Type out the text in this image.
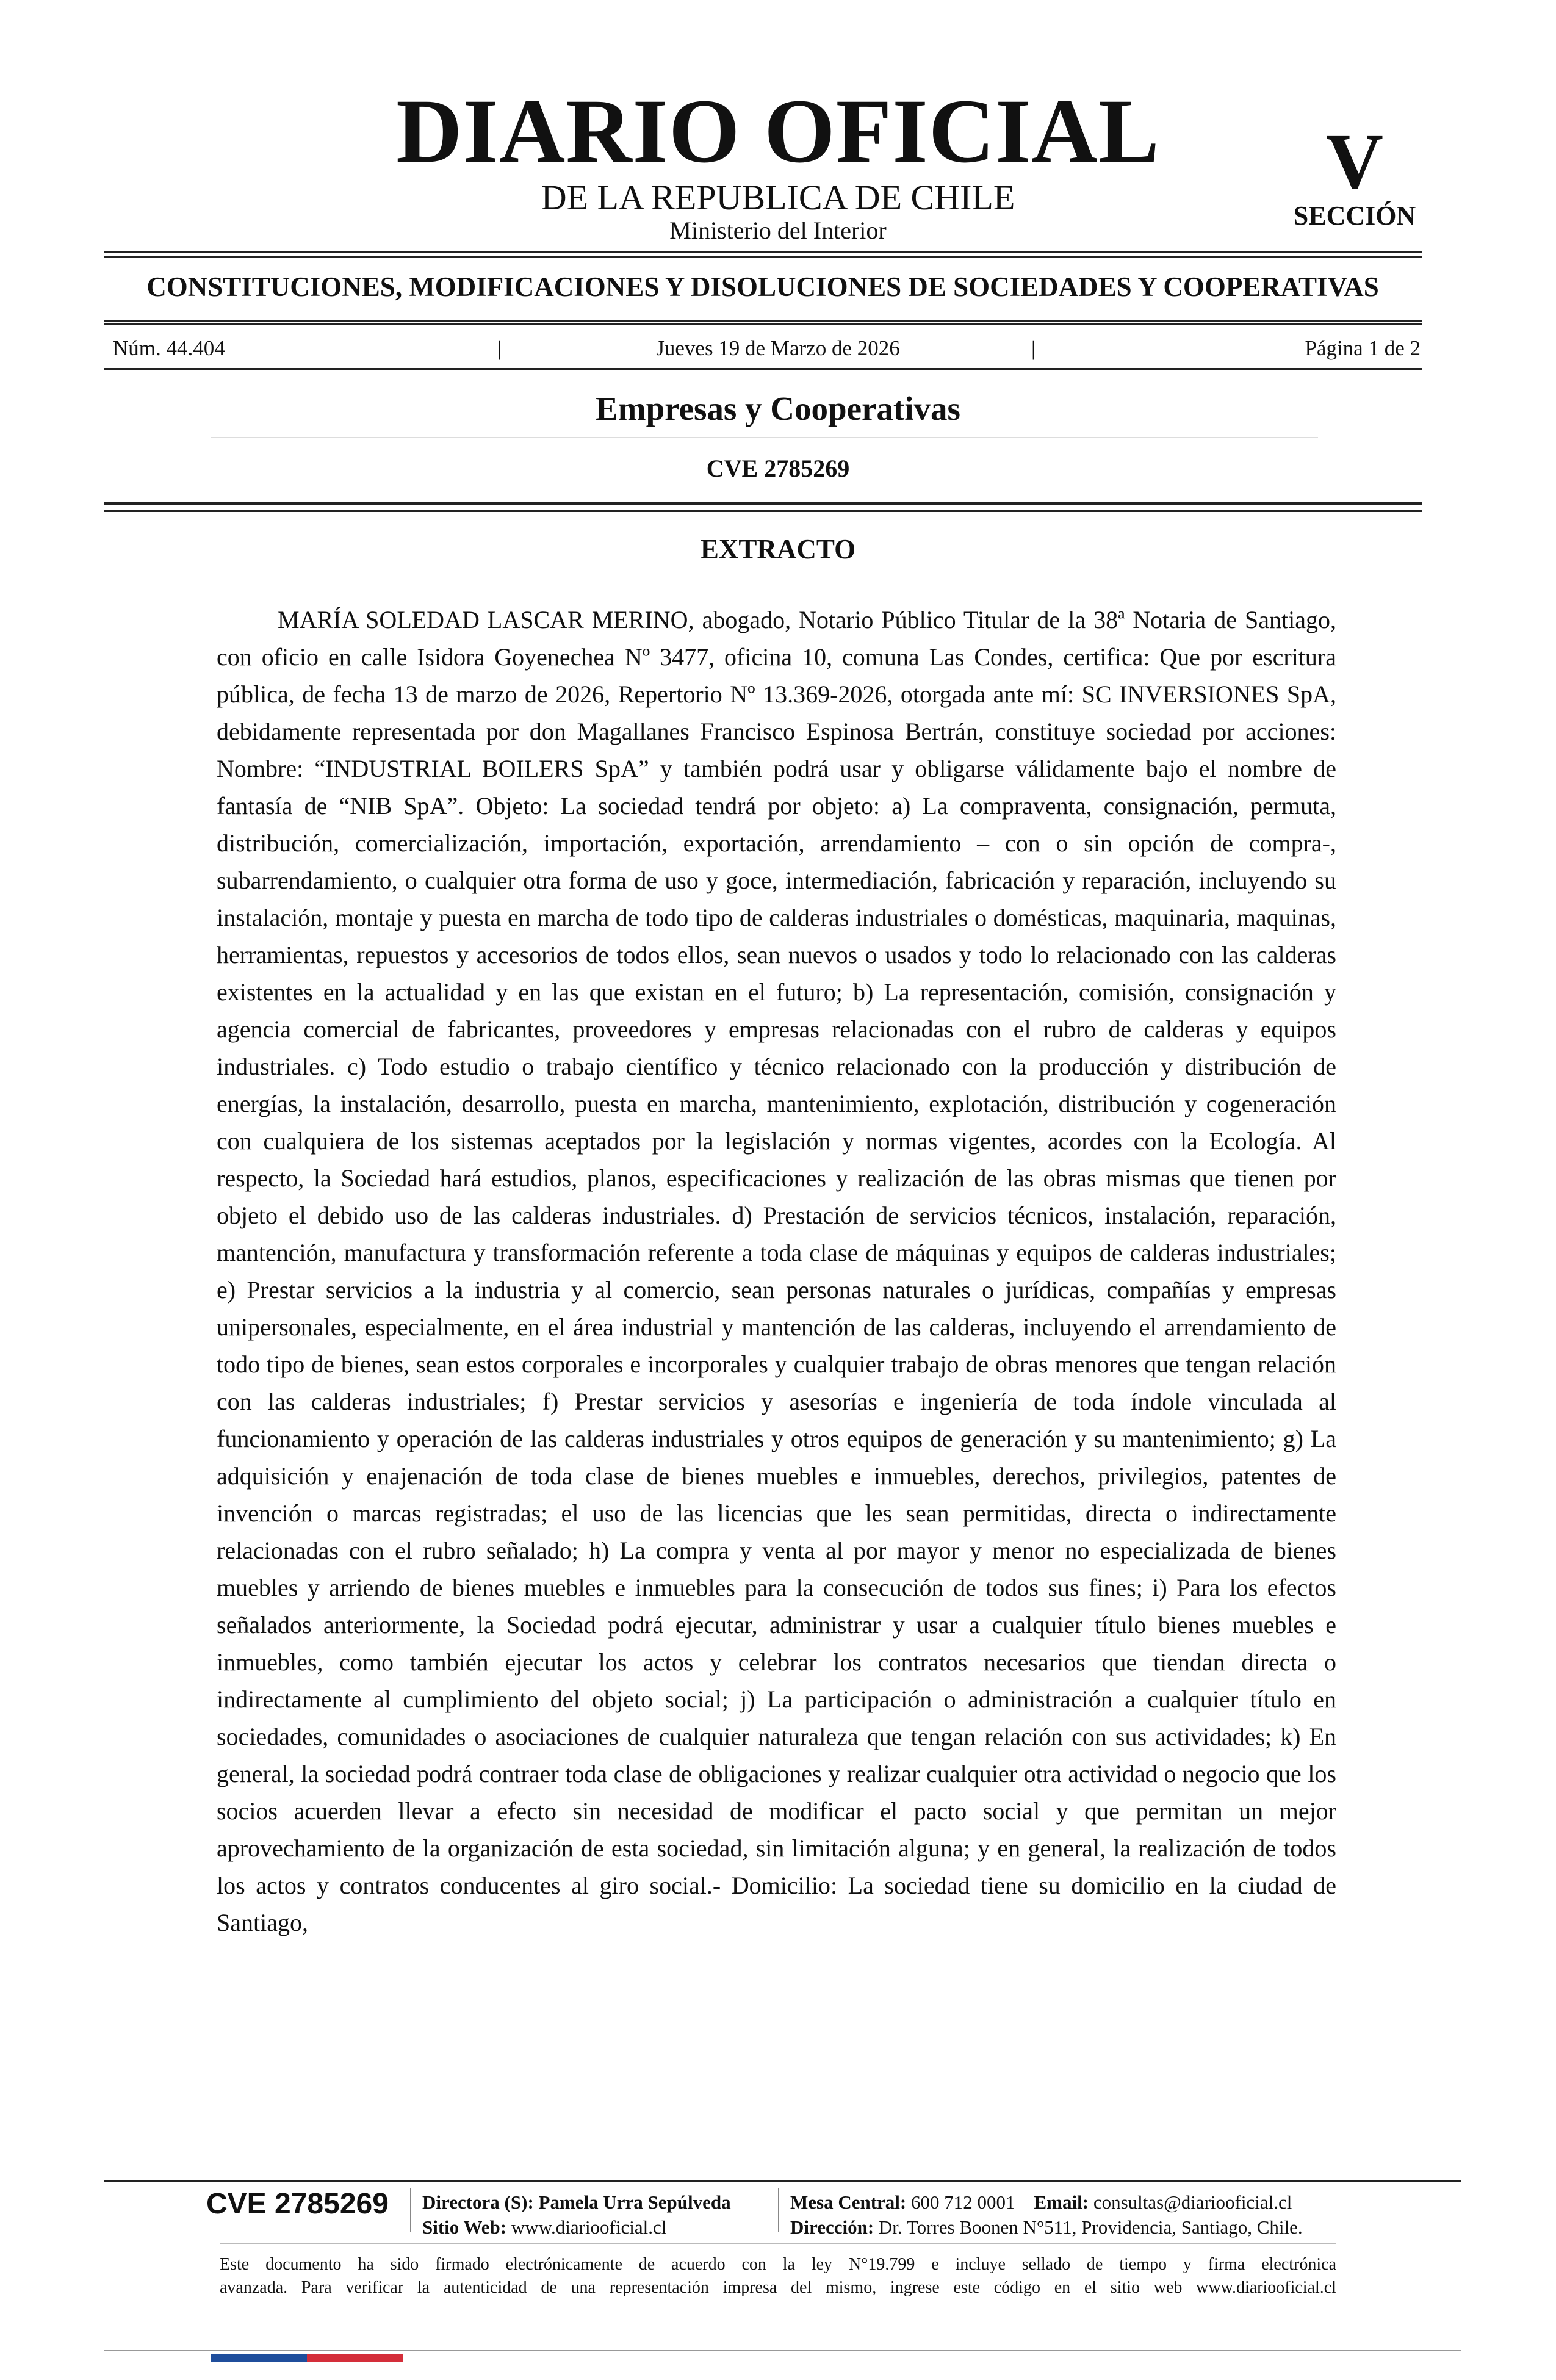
DIARIO OFICIAL
DE LA REPUBLICA DE CHILE
Ministerio del Interior
V
SECCIÓN
CONSTITUCIONES, MODIFICACIONES Y DISOLUCIONES DE SOCIEDADES Y COOPERATIVAS
Núm. 44.404	|	Jueves 19 de Marzo de 2026	|	Página 1 de 2
Empresas y Cooperativas
CVE 2785269
EXTRACTO

MARÍA SOLEDAD LASCAR MERINO, abogado, Notario Público Titular de la 38ª Notaria de Santiago, con oficio en calle Isidora Goyenechea Nº 3477, oficina 10, comuna Las Condes, certifica: Que por escritura pública, de fecha 13 de marzo de 2026, Repertorio Nº 13.369-2026, otorgada ante mí: SC INVERSIONES SpA, debidamente representada por don Magallanes Francisco Espinosa Bertrán, constituye sociedad por acciones: Nombre: “INDUSTRIAL BOILERS SpA” y también podrá usar y obligarse válidamente bajo el nombre de fantasía de “NIB SpA”. Objeto: La sociedad tendrá por objeto: a) La compraventa, consignación, permuta, distribución, comercialización, importación, exportación, arrendamiento – con o sin opción de compra-, subarrendamiento, o cualquier otra forma de uso y goce, intermediación, fabricación y reparación, incluyendo su instalación, montaje y puesta en marcha de todo tipo de calderas industriales o domésticas, maquinaria, maquinas, herramientas, repuestos y accesorios de todos ellos, sean nuevos o usados y todo lo relacionado con las calderas existentes en la actualidad y en las que existan en el futuro; b) La representación, comisión, consignación y agencia comercial de fabricantes, proveedores y empresas relacionadas con el rubro de calderas y equipos industriales. c) Todo estudio o trabajo científico y técnico relacionado con la producción y distribución de energías, la instalación, desarrollo, puesta en marcha, mantenimiento, explotación, distribución y cogeneración con cualquiera de los sistemas aceptados por la legislación y normas vigentes, acordes con la Ecología. Al respecto, la Sociedad hará estudios, planos, especificaciones y realización de las obras mismas que tienen por objeto el debido uso de las calderas industriales. d) Prestación de servicios técnicos, instalación, reparación, mantención, manufactura y transformación referente a toda clase de máquinas y equipos de calderas industriales; e) Prestar servicios a la industria y al comercio, sean personas naturales o jurídicas, compañías y empresas unipersonales, especialmente, en el área industrial y mantención de las calderas, incluyendo el arrendamiento de todo tipo de bienes, sean estos corporales e incorporales y cualquier trabajo de obras menores que tengan relación con las calderas industriales; f) Prestar servicios y asesorías e ingeniería de toda índole vinculada al funcionamiento y operación de las calderas industriales y otros equipos de generación y su mantenimiento; g) La adquisición y enajenación de toda clase de bienes muebles e inmuebles, derechos, privilegios, patentes de invención o marcas registradas; el uso de las licencias que les sean permitidas, directa o indirectamente relacionadas con el rubro señalado; h) La compra y venta al por mayor y menor no especializada de bienes muebles y arriendo de bienes muebles e inmuebles para la consecución de todos sus fines; i) Para los efectos señalados anteriormente, la Sociedad podrá ejecutar, administrar y usar a cualquier título bienes muebles e inmuebles, como también ejecutar los actos y celebrar los contratos necesarios que tiendan directa o indirectamente al cumplimiento del objeto social; j) La participación o administración a cualquier título en sociedades, comunidades o asociaciones de cualquier naturaleza que tengan relación con sus actividades; k) En general, la sociedad podrá contraer toda clase de obligaciones y realizar cualquier otra actividad o negocio que los socios acuerden llevar a efecto sin necesidad de modificar el pacto social y que permitan un mejor aprovechamiento de la organización de esta sociedad, sin limitación alguna; y en general, la realización de todos los actos y contratos conducentes al giro social.- Domicilio: La sociedad tiene su domicilio en la ciudad de Santiago,

CVE 2785269	Directora (S): Pamela Urra Sepúlveda
Sitio Web: www.diariooficial.cl
Mesa Central: 600 712 0001 Email: consultas@diariooficial.cl
Dirección: Dr. Torres Boonen N°511, Providencia, Santiago, Chile.
Este documento ha sido firmado electrónicamente de acuerdo con la ley N°19.799 e incluye sellado de tiempo y firma electrónica
avanzada. Para verificar la autenticidad de una representación impresa del mismo, ingrese este código en el sitio web www.diariooficial.cl
